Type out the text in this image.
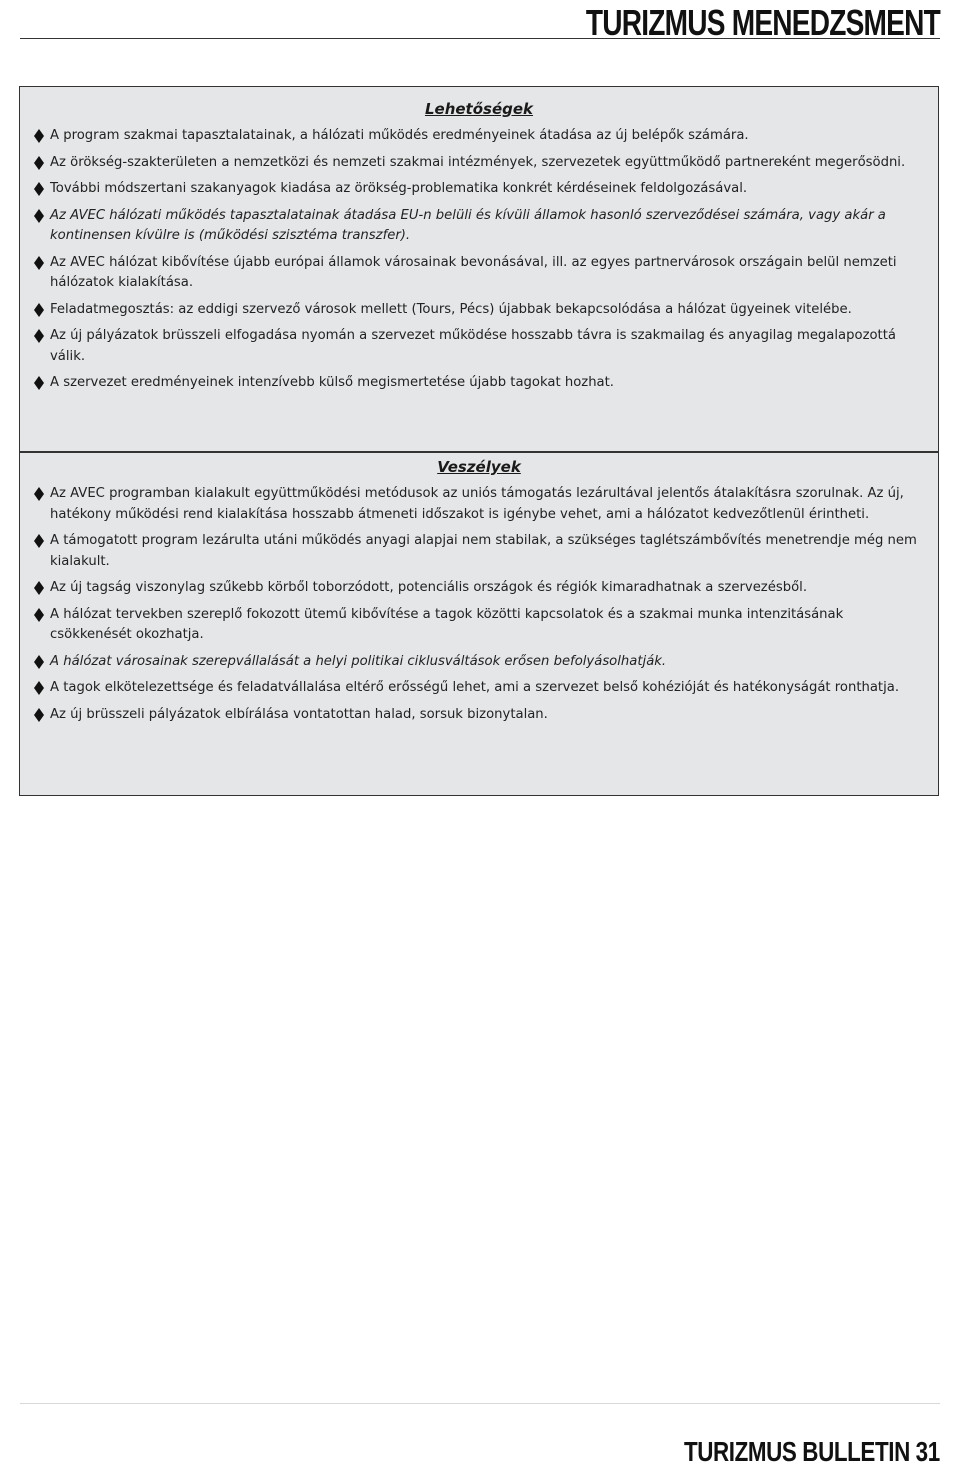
TURIZMUS MENEDZSMENT
Lehetőségek
A program szakmai tapasztalatainak, a hálózati működés eredményeinek átadása az új belépők számára.
Az örökség-szakterületen a nemzetközi és nemzeti szakmai intézmények, szervezetek együttműködő partnereként megerősödni.
További módszertani szakanyagok kiadása az örökség-problematika konkrét kérdéseinek feldolgozásával.
Az AVEC hálózati működés tapasztalatainak átadása EU-n belüli és kívüli államok hasonló szerveződései számára, vagy akár a kontinensen kívülre is (működési szisztéma transzfer).
Az AVEC hálózat kibővítése újabb európai államok városainak bevonásával, ill. az egyes partnervárosok országain belül nemzeti hálózatok kialakítása.
Feladatmegosztás: az eddigi szervező városok mellett (Tours, Pécs) újabbak bekapcsolódása a hálózat ügyeinek vitelébe.
Az új pályázatok brüsszeli elfogadása nyomán a szervezet működése hosszabb távra is szakmailag és anyagilag megalapozottá válik.
A szervezet eredményeinek intenzívebb külső megismertetése újabb tagokat hozhat.
Veszélyek
Az AVEC programban kialakult együttműködési metódusok az uniós támogatás lezárultával jelentős átalakításra szorulnak. Az új, hatékony működési rend kialakítása hosszabb átmeneti időszakot is igénybe vehet, ami a hálózatot kedvezőtlenül érintheti.
A támogatott program lezárulta utáni működés anyagi alapjai nem stabilak, a szükséges taglétszámbővítés menetrendje még nem kialakult.
Az új tagság viszonylag szűkebb körből toborzódott, potenciális országok és régiók kimaradhatnak a szervezésből.
A hálózat tervekben szereplő fokozott ütemű kibővítése a tagok közötti kapcsolatok és a szakmai munka intenzitásának csökkenését okozhatja.
A hálózat városainak szerepvállalását a helyi politikai ciklusváltások erősen befolyásolhatják.
A tagok elkötelezettsége és feladatvállalása eltérő erősségű lehet, ami a szervezet belső kohézióját és hatékonyságát ronthatja.
Az új brüsszeli pályázatok elbírálása vontatottan halad, sorsuk bizonytalan.
TURIZMUS BULLETIN 31
